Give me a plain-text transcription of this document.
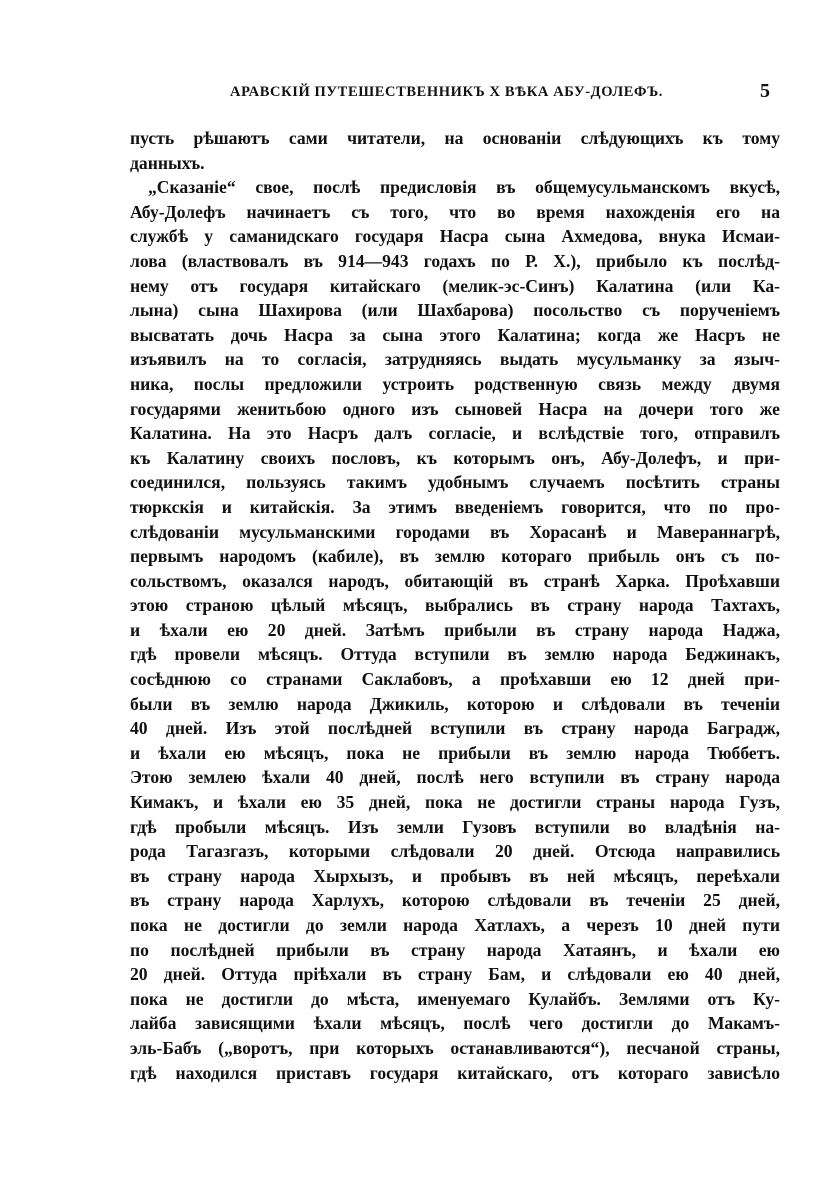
АРАВСКІЙ ПУТЕШЕСТВЕННИКЪ X ВѢКА АБУ-ДОЛЕФЪ.	5
пусть рѣшаютъ сами читатели, на основаніи слѣдующихъ къ тому
данныхъ.
„Сказаніе“ свое, послѣ предисловія въ общемусульманскомъ вкусѣ,
Абу-Долефъ начинаетъ съ того, что во время нахожденія его на
службѣ у саманидскаго государя Насра сына Ахмедова, внука Исмаи-
лова (властвовалъ въ 914—943 годахъ по Р. Х.), прибыло къ послѣд-
нему отъ государя китайскаго (мелик-эс-Синъ) Калатина (или Ка-
лына) сына Шахирова (или Шахбарова) посольство съ порученіемъ
высватать дочь Насра за сына этого Калатина; когда же Насръ не
изъявилъ на то согласія, затрудняясь выдать мусульманку за языч-
ника, послы предложили устроить родственную связь между двумя
государями женитьбою одного изъ сыновей Насра на дочери того же
Калатина. На это Насръ далъ согласіе, и вслѣдствіе того, отправилъ
къ Калатину своихъ пословъ, къ которымъ онъ, Абу-Долефъ, и при-
соединился, пользуясь такимъ удобнымъ случаемъ посѣтить страны
тюркскія и китайскія. За этимъ введеніемъ говорится, что по про-
слѣдованіи мусульманскими городами въ Хорасанѣ и Мавераннагрѣ,
первымъ народомъ (кабиле), въ землю котораго прибыль онъ съ по-
сольствомъ, оказался народъ, обитающій въ странѣ Харка. Проѣхавши
этою страною цѣлый мѣсяцъ, выбрались въ страну народа Тахтахъ,
и ѣхали ею 20 дней. Затѣмъ прибыли въ страну народа Наджа,
гдѣ провели мѣсяцъ. Оттуда вступили въ землю народа Беджинакъ,
сосѣднюю со странами Саклабовъ, а проѣхавши ею 12 дней при-
были въ землю народа Джикиль, которою и слѣдовали въ теченіи
40 дней. Изъ этой послѣдней вступили въ страну народа Баградж,
и ѣхали ею мѣсяцъ, пока не прибыли въ землю народа Тюббетъ.
Этою землею ѣхали 40 дней, послѣ него вступили въ страну народа
Кимакъ, и ѣхали ею 35 дней, пока не достигли страны народа Гузъ,
гдѣ пробыли мѣсяцъ. Изъ земли Гузовъ вступили во владѣнія на-
рода Тагазгазъ, которыми слѣдовали 20 дней. Отсюда направились
въ страну народа Хырхызъ, и пробывъ въ ней мѣсяцъ, переѣхали
въ страну народа Харлухъ, которою слѣдовали въ теченіи 25 дней,
пока не достигли до земли народа Хатлахъ, а черезъ 10 дней пути
по послѣдней прибыли въ страну народа Хатаянъ, и ѣхали ею
20 дней. Оттуда пріѣхали въ страну Бам, и слѣдовали ею 40 дней,
пока не достигли до мѣста, именуемаго Кулайбъ. Землями отъ Ку-
лайба зависящими ѣхали мѣсяцъ, послѣ чего достигли до Макамъ-
эль-Бабъ („воротъ, при которыхъ останавливаются“), песчаной страны,
гдѣ находился приставъ государя китайскаго, отъ котораго зависѣло
